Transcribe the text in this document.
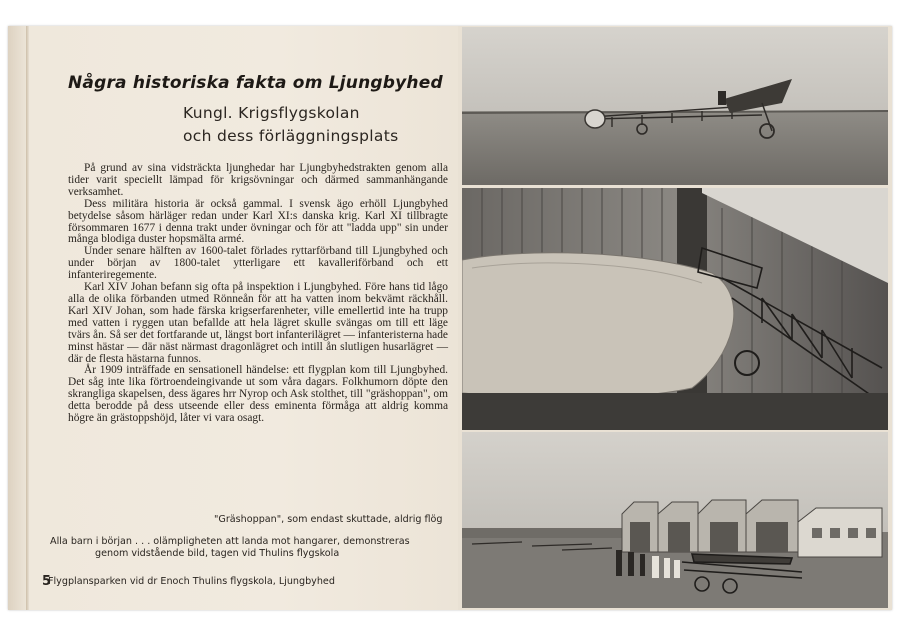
Några historiska fakta om Ljungbyhed
Kungl. Krigsflygskolan
och dess förläggningsplats

På grund av sina vidsträckta ljunghedar har Ljungbyhedstrakten genom alla tider varit speciellt lämpad för krigsövningar och därmed sammanhängande verksamhet.

Dess militära historia är också gammal. I svensk ägo erhöll Ljungbyhed betydelse såsom härläger redan under Karl XI:s danska krig. Karl XI tillbragte försommaren 1677 i denna trakt under övningar och för att "ladda upp" sin under många blodiga duster hopsmälta armé.

Under senare hälften av 1600-talet förlades ryttarförband till Ljungbyhed och under början av 1800-talet ytterligare ett kavalleriförband och ett infanteriregemente.

Karl XIV Johan befann sig ofta på inspektion i Ljungbyhed. Före hans tid lågo alla de olika förbanden utmed Rönneån för att ha vatten inom bekvämt räckhåll. Karl XIV Johan, som hade färska krigserfarenheter, ville emellertid inte ha trupp med vatten i ryggen utan befallde att hela lägret skulle svängas om till ett läge tvärs ån. Så ser det fortfarande ut, längst bort infanterilägret — infanteristerna hade minst hästar — där näst närmast dragonlägret och intill ån slutligen husarlägret — där de flesta hästarna funnos.

År 1909 inträffade en sensationell händelse: ett flygplan kom till Ljungbyhed. Det såg inte lika förtroendeingivande ut som våra dagars. Folkhumorn döpte den skrangliga skapelsen, dess ägares hrr Nyrop och Ask stolthet, till "gräshoppan", om detta berodde på dess utseende eller dess eminenta förmåga att aldrig komma högre än grästoppshöjd, låter vi vara osagt.

"Gräshoppan", som endast skuttade, aldrig flög
Alla barn i början . . . olämpligheten att landa mot hangarer, demonstreras
genom vidstående bild, tagen vid Thulins flygskola
Flygplansparken vid dr Enoch Thulins flygskola, Ljungbyhed
5
